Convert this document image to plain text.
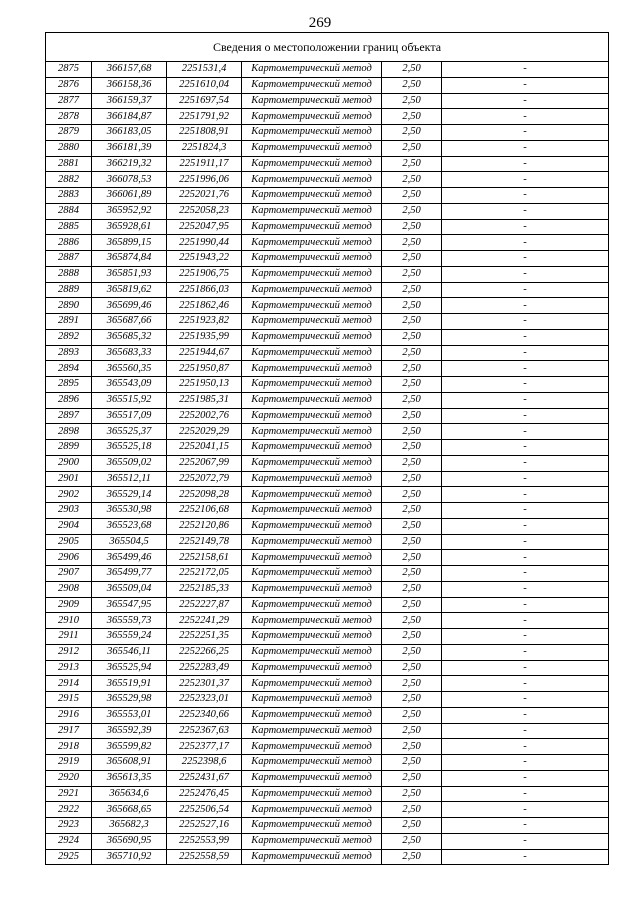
269
Сведения о местоположении границ объекта					
2875	366157,68	2251531,4	Картометрический метод	2,50	-
2876	366158,36	2251610,04	Картометрический метод	2,50	-
2877	366159,37	2251697,54	Картометрический метод	2,50	-
2878	366184,87	2251791,92	Картометрический метод	2,50	-
2879	366183,05	2251808,91	Картометрический метод	2,50	-
2880	366181,39	2251824,3	Картометрический метод	2,50	-
2881	366219,32	2251911,17	Картометрический метод	2,50	-
2882	366078,53	2251996,06	Картометрический метод	2,50	-
2883	366061,89	2252021,76	Картометрический метод	2,50	-
2884	365952,92	2252058,23	Картометрический метод	2,50	-
2885	365928,61	2252047,95	Картометрический метод	2,50	-
2886	365899,15	2251990,44	Картометрический метод	2,50	-
2887	365874,84	2251943,22	Картометрический метод	2,50	-
2888	365851,93	2251906,75	Картометрический метод	2,50	-
2889	365819,62	2251866,03	Картометрический метод	2,50	-
2890	365699,46	2251862,46	Картометрический метод	2,50	-
2891	365687,66	2251923,82	Картометрический метод	2,50	-
2892	365685,32	2251935,99	Картометрический метод	2,50	-
2893	365683,33	2251944,67	Картометрический метод	2,50	-
2894	365560,35	2251950,87	Картометрический метод	2,50	-
2895	365543,09	2251950,13	Картометрический метод	2,50	-
2896	365515,92	2251985,31	Картометрический метод	2,50	-
2897	365517,09	2252002,76	Картометрический метод	2,50	-
2898	365525,37	2252029,29	Картометрический метод	2,50	-
2899	365525,18	2252041,15	Картометрический метод	2,50	-
2900	365509,02	2252067,99	Картометрический метод	2,50	-
2901	365512,11	2252072,79	Картометрический метод	2,50	-
2902	365529,14	2252098,28	Картометрический метод	2,50	-
2903	365530,98	2252106,68	Картометрический метод	2,50	-
2904	365523,68	2252120,86	Картометрический метод	2,50	-
2905	365504,5	2252149,78	Картометрический метод	2,50	-
2906	365499,46	2252158,61	Картометрический метод	2,50	-
2907	365499,77	2252172,05	Картометрический метод	2,50	-
2908	365509,04	2252185,33	Картометрический метод	2,50	-
2909	365547,95	2252227,87	Картометрический метод	2,50	-
2910	365559,73	2252241,29	Картометрический метод	2,50	-
2911	365559,24	2252251,35	Картометрический метод	2,50	-
2912	365546,11	2252266,25	Картометрический метод	2,50	-
2913	365525,94	2252283,49	Картометрический метод	2,50	-
2914	365519,91	2252301,37	Картометрический метод	2,50	-
2915	365529,98	2252323,01	Картометрический метод	2,50	-
2916	365553,01	2252340,66	Картометрический метод	2,50	-
2917	365592,39	2252367,63	Картометрический метод	2,50	-
2918	365599,82	2252377,17	Картометрический метод	2,50	-
2919	365608,91	2252398,6	Картометрический метод	2,50	-
2920	365613,35	2252431,67	Картометрический метод	2,50	-
2921	365634,6	2252476,45	Картометрический метод	2,50	-
2922	365668,65	2252506,54	Картометрический метод	2,50	-
2923	365682,3	2252527,16	Картометрический метод	2,50	-
2924	365690,95	2252553,99	Картометрический метод	2,50	-
2925	365710,92	2252558,59	Картометрический метод	2,50	-
